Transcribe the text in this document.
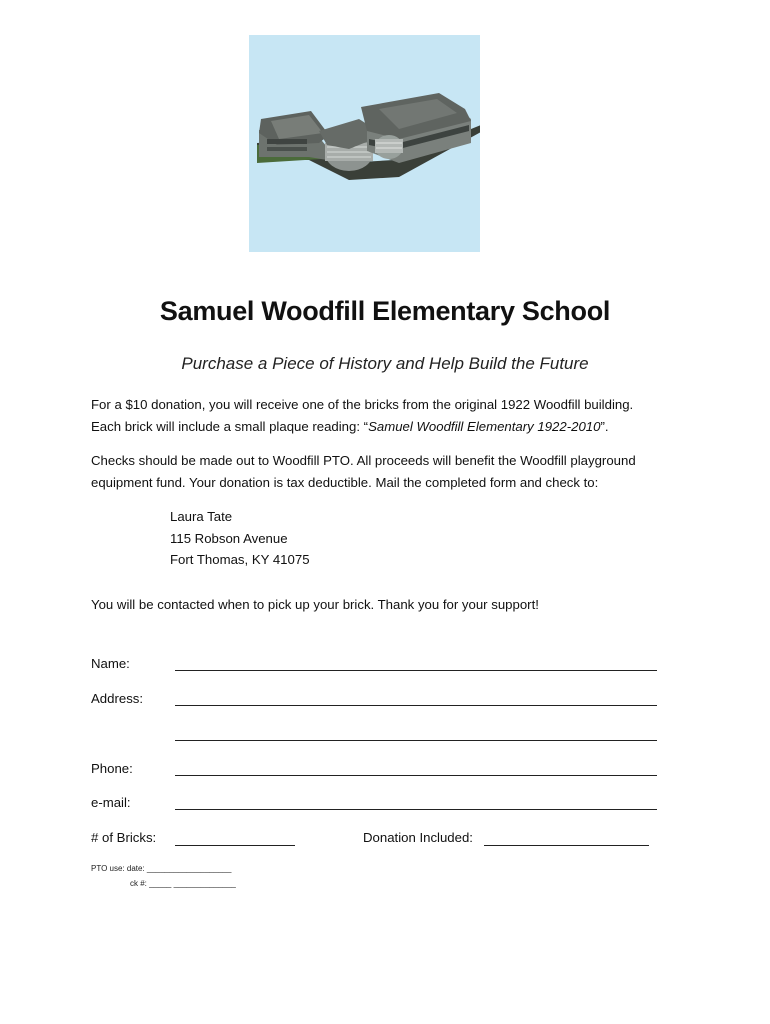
Samuel Woodfill Elementary School
Purchase a Piece of History and Help Build the Future
For a $10 donation, you will receive one of the bricks from the original 1922 Woodfill building.
Each brick will include a small plaque reading: “Samuel Woodfill Elementary 1922-2010”.
Checks should be made out to Woodfill PTO. All proceeds will benefit the Woodfill playground
equipment fund. Your donation is tax deductible. Mail the completed form and check to:
Laura Tate
115 Robson Avenue
Fort Thomas, KY 41075
You will be contacted when to pick up your brick. Thank you for your support!
Name:
Address:
Phone:
e-mail:
# of Bricks:	Donation Included:
PTO use: date: ___________________
ck #: _____ ______________
